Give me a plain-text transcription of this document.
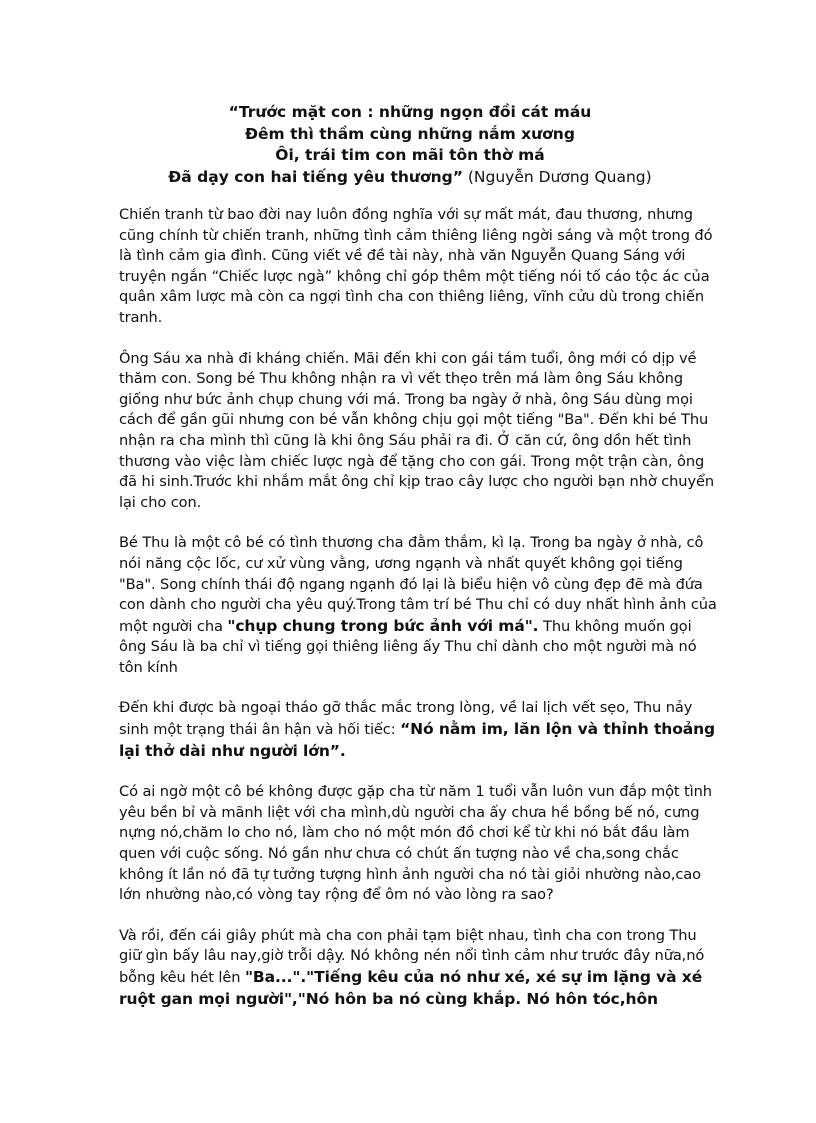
“Trước mặt con : những ngọn đồi cát máu
Đêm thì thầm cùng những nắm xương
Ôi, trái tim con mãi tôn thờ má
Đã dạy con hai tiếng yêu thương” (Nguyễn Dương Quang)

Chiến tranh từ bao đời nay luôn đồng nghĩa với sự mất mát, đau thương, nhưng cũng chính từ chiến tranh, những tình cảm thiêng liêng ngời sáng và một trong đó là tình cảm gia đình. Cũng viết về đề tài này, nhà văn Nguyễn Quang Sáng với truyện ngắn “Chiếc lược ngà” không chỉ góp thêm một tiếng nói tố cáo tộc ác của quân xâm lược mà còn ca ngợi tình cha con thiêng liêng, vĩnh cửu dù trong chiến tranh.

Ông Sáu xa nhà đi kháng chiến. Mãi đến khi con gái tám tuổi, ông mới có dịp về thăm con. Song bé Thu không nhận ra vì vết thẹo trên má làm ông Sáu không giống như bức ảnh chụp chung với má. Trong ba ngày ở nhà, ông Sáu dùng mọi cách để gần gũi nhưng con bé vẫn không chịu gọi một tiếng "Ba". Đến khi bé Thu nhận ra cha mình thì cũng là khi ông Sáu phải ra đi. Ở căn cứ, ông dồn hết tình thương vào việc làm chiếc lược ngà để tặng cho con gái. Trong một trận càn, ông đã hi sinh.Trước khi nhắm mắt ông chỉ kịp trao cây lược cho người bạn nhờ chuyển lại cho con.

Bé Thu là một cô bé có tình thương cha đằm thắm, kì lạ. Trong ba ngày ở nhà, cô nói năng cộc lốc, cư xử vùng vằng, ương ngạnh và nhất quyết không gọi tiếng "Ba". Song chính thái độ ngang ngạnh đó lại là biểu hiện vô cùng đẹp đẽ mà đứa con dành cho người cha yêu quý.Trong tâm trí bé Thu chỉ có duy nhất hình ảnh của một người cha "chụp chung trong bức ảnh với má". Thu không muốn gọi ông Sáu là ba chỉ vì tiếng gọi thiêng liêng ấy Thu chỉ dành cho một người mà nó tôn kính

Đến khi được bà ngoại tháo gỡ thắc mắc trong lòng, về lai lịch vết sẹo, Thu nảy sinh một trạng thái ân hận và hối tiếc: “Nó nằm im, lăn lộn và thỉnh thoảng lại thở dài như người lớn”.

Có ai ngờ một cô bé không được gặp cha từ năm 1 tuổi vẫn luôn vun đắp một tình yêu bền bỉ và mãnh liệt với cha mình,dù người cha ấy chưa hề bồng bế nó, cưng nựng nó,chăm lo cho nó, làm cho nó một món đồ chơi kể từ khi nó bắt đầu làm quen với cuộc sống. Nó gần như chưa có chút ấn tượng nào về cha,song chắc không ít lần nó đã tự tưởng tượng hình ảnh người cha nó tài giỏi nhường nào,cao lớn nhường nào,có vòng tay rộng để ôm nó vào lòng ra sao?

Và rồi, đến cái giây phút mà cha con phải tạm biệt nhau, tình cha con trong Thu giữ gìn bấy lâu nay,giờ trỗi dậy. Nó không nén nổi tình cảm như trước đây nữa,nó bỗng kêu hét lên "Ba..."."Tiếng kêu của nó như xé, xé sự im lặng và xé ruột gan mọi người","Nó hôn ba nó cùng khắp. Nó hôn tóc,hôn
